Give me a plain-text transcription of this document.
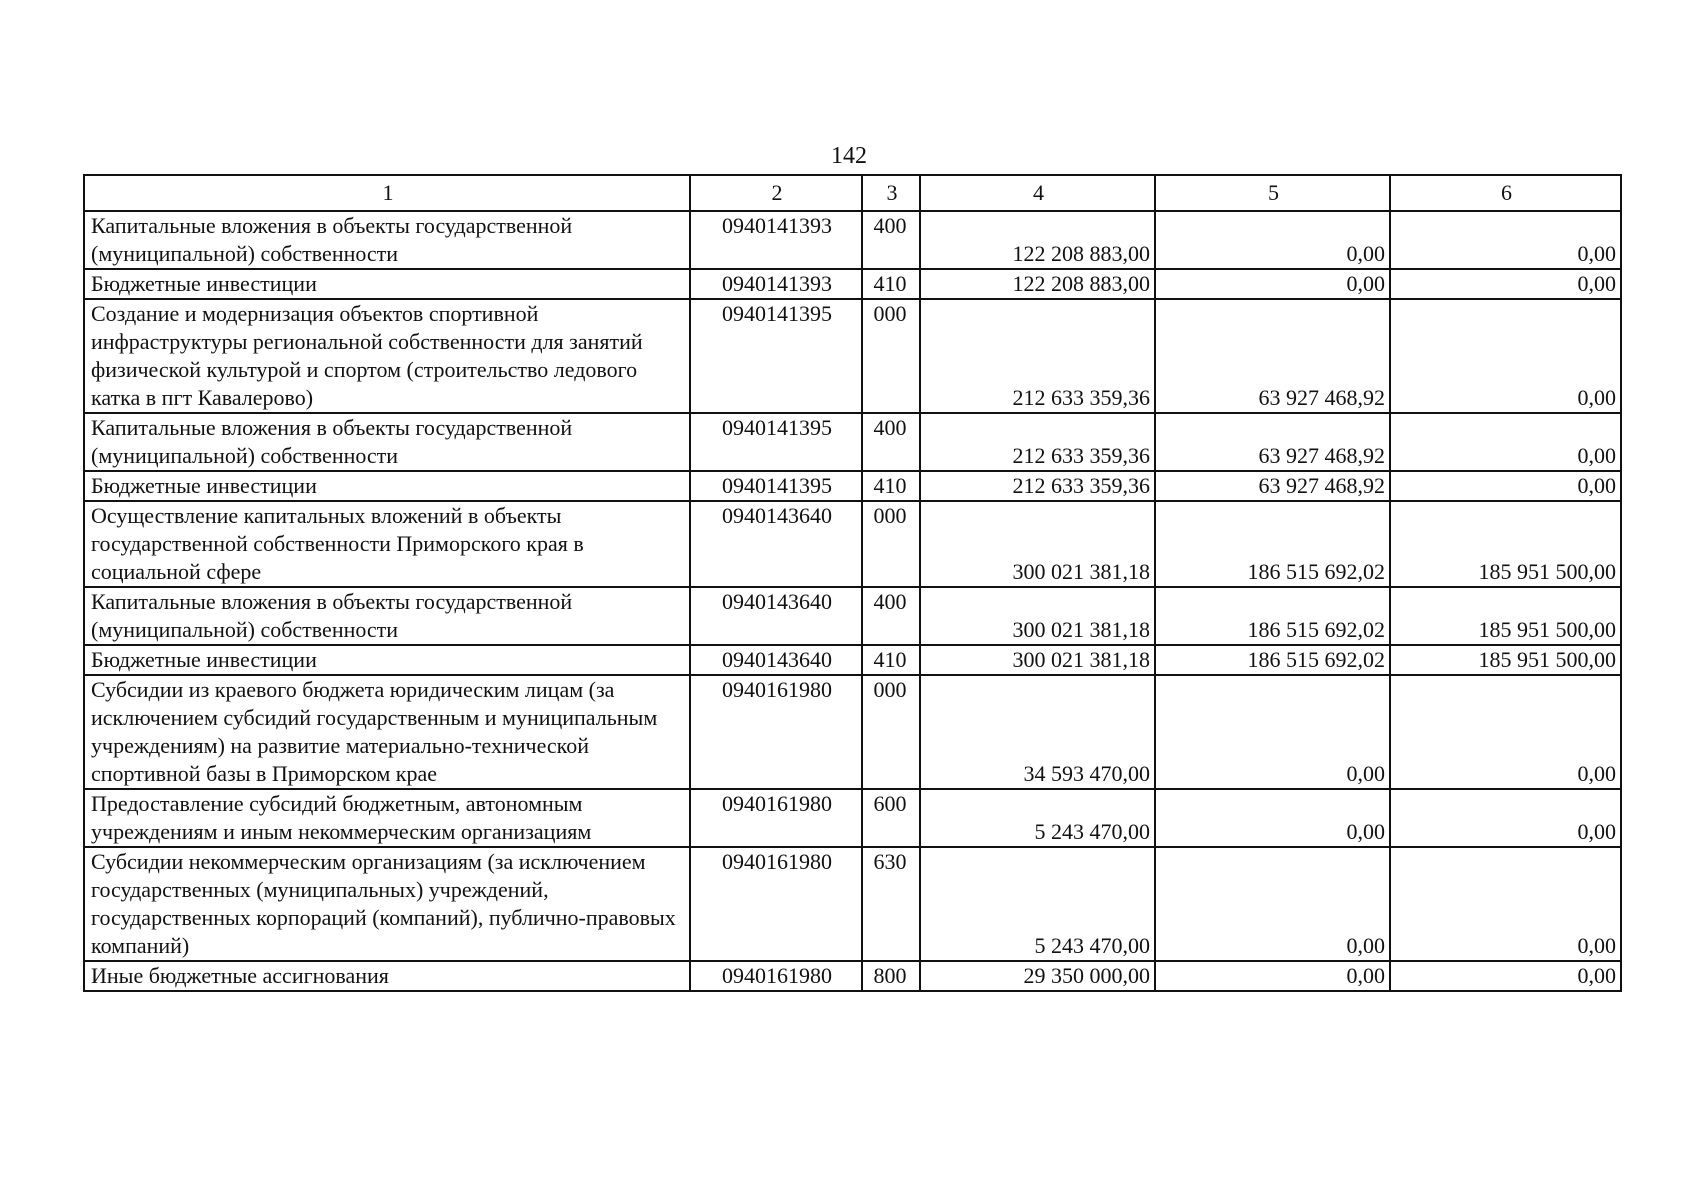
142
1	2	3	4	5	6
Капитальные вложения в объекты государственной (муниципальной) собственности	0940141393	400	122 208 883,00	0,00	0,00
Бюджетные инвестиции	0940141393	410	122 208 883,00	0,00	0,00
Создание и модернизация объектов спортивной инфраструктуры региональной собственности для занятий физической культурой и спортом (строительство ледового катка в пгт Кавалерово)	0940141395	000	212 633 359,36	63 927 468,92	0,00
Капитальные вложения в объекты государственной (муниципальной) собственности	0940141395	400	212 633 359,36	63 927 468,92	0,00
Бюджетные инвестиции	0940141395	410	212 633 359,36	63 927 468,92	0,00
Осуществление капитальных вложений в объекты государственной собственности Приморского края в социальной сфере	0940143640	000	300 021 381,18	186 515 692,02	185 951 500,00
Капитальные вложения в объекты государственной (муниципальной) собственности	0940143640	400	300 021 381,18	186 515 692,02	185 951 500,00
Бюджетные инвестиции	0940143640	410	300 021 381,18	186 515 692,02	185 951 500,00
Субсидии из краевого бюджета юридическим лицам (за исключением субсидий государственным и муниципальным учреждениям) на развитие материально-технической спортивной базы в Приморском крае	0940161980	000	34 593 470,00	0,00	0,00
Предоставление субсидий бюджетным, автономным учреждениям и иным некоммерческим организациям	0940161980	600	5 243 470,00	0,00	0,00
Субсидии некоммерческим организациям (за исключением государственных (муниципальных) учреждений, государственных корпораций (компаний), публично-правовых компаний)	0940161980	630	5 243 470,00	0,00	0,00
Иные бюджетные ассигнования	0940161980	800	29 350 000,00	0,00	0,00
